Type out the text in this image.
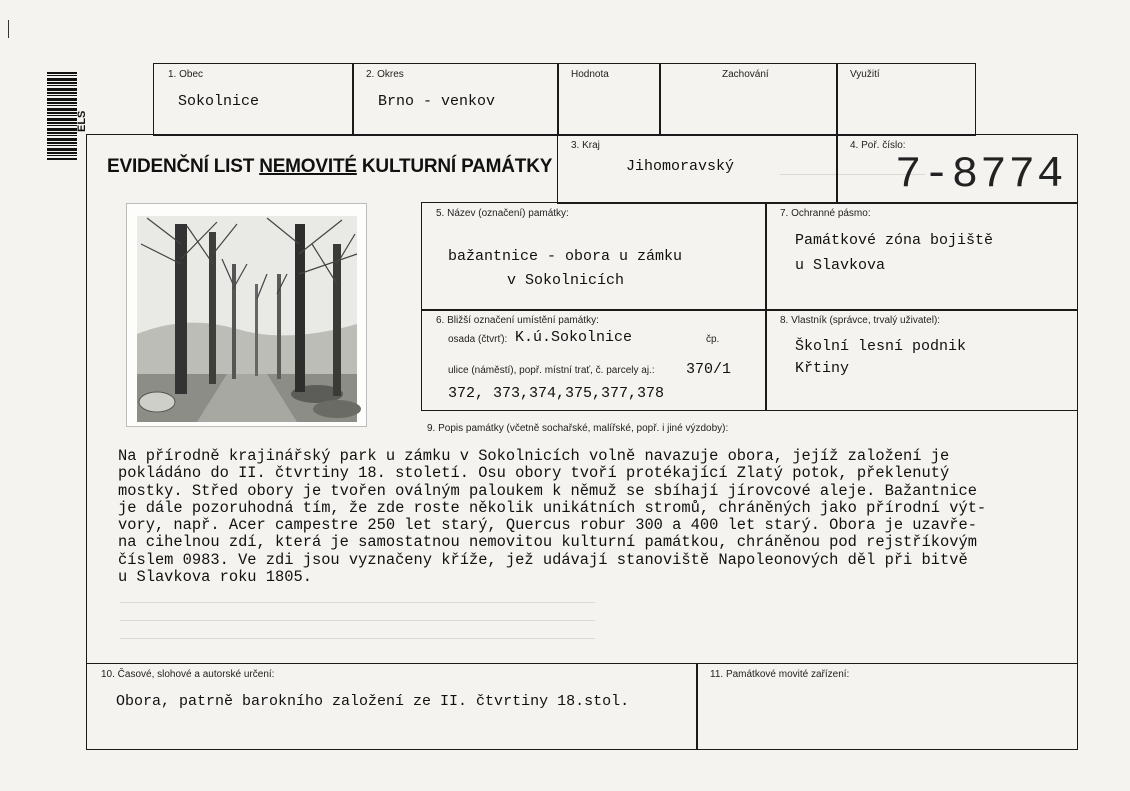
ELS
──────────────────────
────────────────────────────────────────────────────────────────────────
────────────────────────────────────────────────────────────────────────
────────────────────────────────────────────────────────────────────────
1. Obec
Sokolnice
2. Okres
Brno - venkov
Hodnota	Zachování	Využití
EVIDENČNÍ LIST NEMOVITÉ KULTURNÍ PAMÁTKY
3. Kraj
Jihomoravský
4. Poř. číslo:
7-8774
5. Název (označení) památky:
bažantnice - obora u zámku
v Sokolnicích
7. Ochranné pásmo:
Památkové zóna bojiště
u Slavkova
6. Bližší označení umístění památky:
osada (čtvrť): K.ú.Sokolnice	čp.
ulice (náměstí), popř. místní trať, č. parcely aj.: 370/1
372, 373,374,375,377,378
8. Vlastník (správce, trvalý uživatel):
Školní lesní podnik
Křtiny
9. Popis památky (včetně sochařské, malířské, popř. i jiné výzdoby):
Na přírodně krajinářský park u zámku v Sokolnicích volně navazuje obora, jejíž založení je
pokládáno do II. čtvrtiny 18. století. Osu obory tvoří protékající Zlatý potok, překlenutý
mostky. Střed obory je tvořen oválným paloukem k němuž se sbíhají jírovcové aleje. Bažantnice
je dále pozoruhodná tím, že zde roste několik unikátních stromů, chráněných jako přírodní výt-
vory, např. Acer campestre 250 let starý, Quercus robur 300 a 400 let starý. Obora je uzavře-
na cihelnou zdí, která je samostatnou nemovitou kulturní památkou, chráněnou pod rejstříkovým
číslem 0983. Ve zdi jsou vyznačeny kříže, jež udávají stanoviště Napoleonových děl při bitvě
u Slavkova roku 1805.
10. Časové, slohové a autorské určení:
Obora, patrně barokního založení ze II. čtvrtiny 18.stol.
11. Památkové movité zařízení:
